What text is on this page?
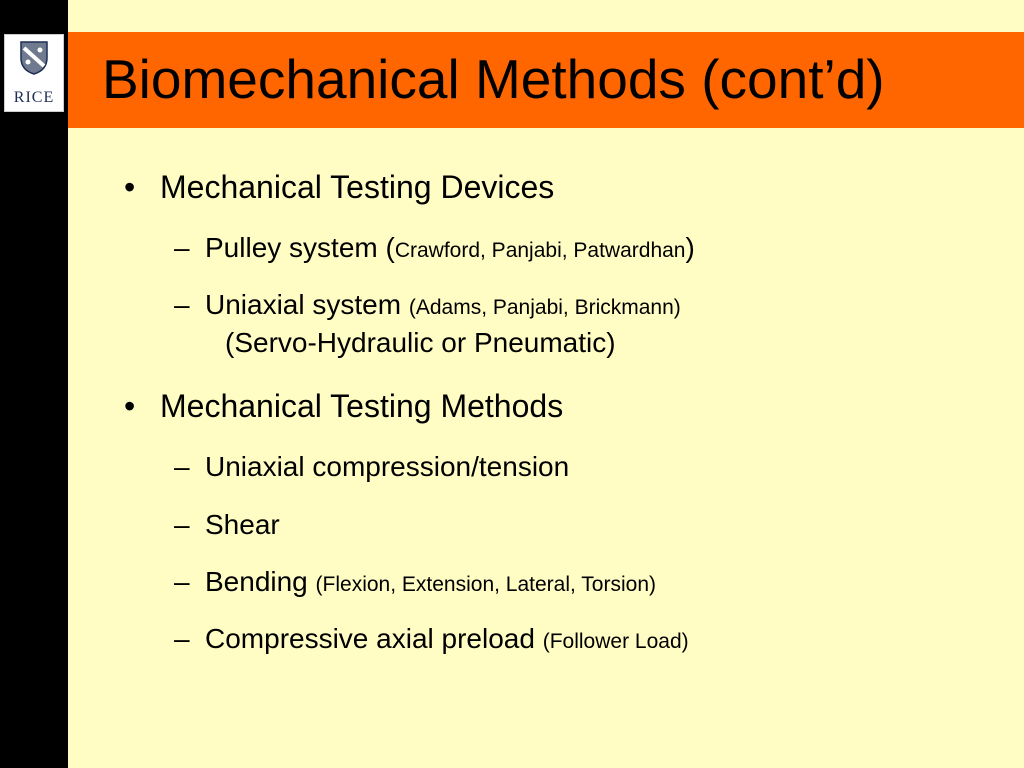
RICE Biomechanical Methods (cont’d)
• Mechanical Testing Devices
– Pulley system (Crawford, Panjabi, Patwardhan)
– Uniaxial system (Adams, Panjabi, Brickmann)
(Servo-Hydraulic or Pneumatic)
• Mechanical Testing Methods
– Uniaxial compression/tension
– Shear
– Bending (Flexion, Extension, Lateral, Torsion)
– Compressive axial preload (Follower Load)
